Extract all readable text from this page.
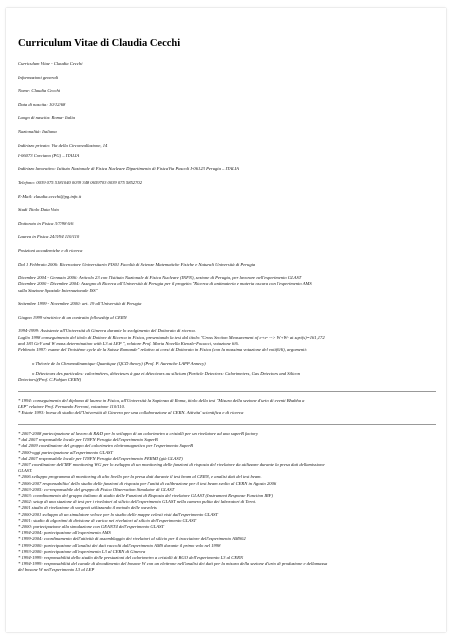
Curriculum Vitae di Claudia Cecchi

Curriculum Vitae - Claudia Cecchi

Informazioni generali

Nome: Claudia Cecchi

Data di nascita: 10/12/68

Luogo di nascita: Roma- Italia

Nazionalità: Italiana

Indirizzo privato: Via della Circonvallazione, 14

I-06073 Corciano (PG) – ITALIA

Indirizzo lavorativo: Istituto Nazionale di Fisica Nucleare Dipartimento di FisicaVia Pascoli I-06123 Perugia – ITALIA

Telefono: 0039 075 5181040 0039 348 0659703 0039 075 5852702

E-Mail: claudia.cecchi@pg.infn.it

Studi Titolo Data Voto

Dottorato in Fisica 3/7/98 6/6

Laurea in Fisica 24/3/94 110/110

Posizioni accademiche e di ricerca

Dal 1 Febbraio 2006: Ricercatore Universitario FIS01 Facoltà di Scienze Matematiche Fisiche e Naturali Università di Perugia

Dicembre 2004 - Gennaio 2006: Articolo 23 con l'Istituto Nazionale di Fisica Nucleare (INFN), sezione di Perugia, per lavorare nell'esperimento GLAST

Dicembre 2000 - Dicembre 2004: Assegno di Ricerca all'Università di Perugia per il progetto:"Ricerca di antimateria e materia oscura con l'esperimento AMS

sulla Stazione Spaziale Internazionale ISS"

Settembre 1999 - Novembre 2000: art. 19 all'Università di Perugia

Giugno 1999 vincitrice di un contratto fellowship al CERN

1994-1999: Assistente all'Università di Ginevra durante lo svolgimento del Dottorato di ricerca.

Luglio 1998 conseguimento del titolo di Dottore di Ricerca in Fisica, presentando la tesi dal titolo:"Cross Section Measurement of e+e- --> W+W- at sqrt(s)=161,172

and 183 GeV and W mass determination with L3 at LEP ", relatore Prof. Maria Novella Kienzle-Focacci, votazione 6/6.

Febbraio 1997: esame del Troisième cycle de la Suisse Romande" relativo ai corsi di Dottorato in Fisica (con la massima votazione del voti(6/6), argomenti:

o Théorie de la Chromodinamique Quantique (QCD theory) (Prof. P. Aurenche LAPP Annecy)

o Détecteurs des particules: calorimètres, détecteurs à gaz et détecteurs au silicium (Particle Detectors: Calorimeters, Gas Detectors and Silicon

Detectors)(Prof. C.Fabjan CERN)

* 1994: conseguimento del diploma di laurea in Fisica, all'Università la Sapienza di Roma, titolo della tesi "Misura della sezione d'urto di eventi Bhabha a

LEP" relatore Prof. Fernando Ferroni, votazione 110/110.

* Estate 1993: borsa di studio dell'Università di Ginevra per una collaborazione al CERN. Attivita' scientifica e di ricerca

* 2007-2008 partecipazione al lavoro di R&D per lo sviluppo di un calorimetro a cristalli per un rivelatore ad una superB factory

* dal 2007 responsabile locale per l'INFN Perugia dell'esperimento SuperB

* dal 2009 coordinatore del gruppo del calorimetro elettromagnetico per l'esperimento SuperB

* 2000-oggi partecipazione all'esperimento GLAST

* dal 2007 responsabile locale per l'INFN Perugia dell'esperimento FERMI (già GLAST)

* 2007 coordinatore dell'IRF monitoring WG per lo sviluppo di un monitoring delle funzioni di risposta del rivelatore da utilizzare durante la presa dati dellamissione

GLAST.

* 2006 sviluppo programma di monitoring di alto livello per la presa dati durante il test beam al CERN, e analisi dati del test beam.

* 2006-2007 responsabilita' dello studio delle funzioni di risposta per l'unità di calibrazione per il test beam svolto al CERN in Agosto 2006

* 2003-2005: co-responsabile del gruppo di Fisica Observation Simulator di GLAST

* 2003: coordinamento del gruppo italiano di studio delle Funzioni di Risposta del rivelatore GLAST (Instrument Response Function IRF)

* 2002: setup di una stazione di test per i rivelatori al silicio dell'esperimento GLAST nella camera pulita dei laboratori di Terni.

* 2001 studio di rivelazione di sorgenti utilizzando il metodo delle wavelets

* 2000-2001 sviluppo di un simulatore veloce per lo studio delle mappe celesti visti dall'esperimento GLAST

* 2001: studio di algoritmi di divisione di carica nei rivelatori al silicio dell'esperimento GLAST

* 2000: partecipazione alla simulazione con GEANT4 dell'esperimento GLAST

* 1994-2004: partecipazione all'esperimento AMS

* 1999-2004: coordinamento dell'attività di assemblaggio dei rivelatori al silicio per il tracciatore dell'esperimento AMS02

* 1999-2000: partecipazione all'analisi dei dati raccolti dall'esperimento AMS durante il primo volo nel 1998

* 1993-2000: partecipazione all'esperimento L3 al CERN di Ginevra

* 1994-1999: responsabilità dello studio delle prestazioni del calorimetro a cristalli di BGO dell'esperimento L3 al CERN

* 1994-1999: responsabilità del canale di decadimento del bosone W con un elettrone nell'analisi dei dati per la misura della sezione d'urto di produzione e dellamassa

del bosone W nell'esperimento L3 al LEP
